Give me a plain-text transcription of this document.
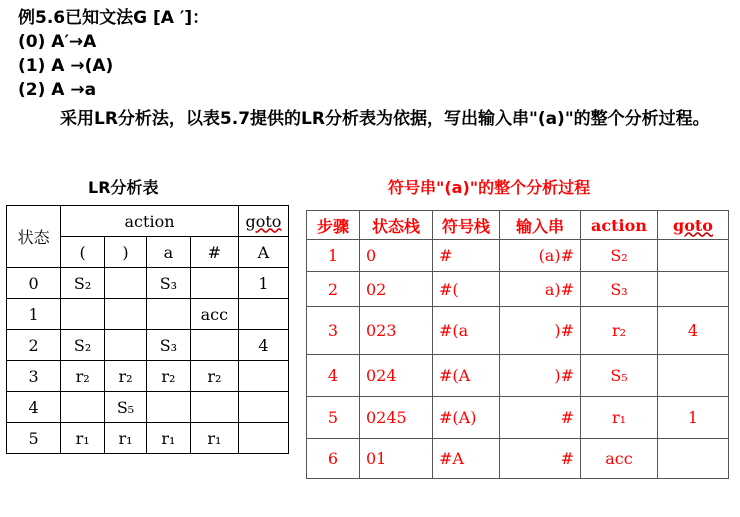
例5.6已知文法G [A ′]：
(0) A′→A
(1) A →(A)
(2) A →a
采用LR分析法，以表5.7提供的LR分析表为依据，写出输入串"(a)"的整个分析过程。
LR分析表	符号串"(a)"的整个分析过程
状态	action				goto
	(	)	a	#	A
0	S₂		S₃		1
1				acc	
2	S₂		S₃		4
3	r₂	r₂	r₂	r₂	
4		S₅			
5	r₁	r₁	r₁	r₁	
步骤	状态栈	符号栈	输入串	action	goto
1	0	#	(a)#	S₂	
2	02	#(	a)#	S₃	
3	023	#(a	)#	r₂	4
4	024	#(A	)#	S₅	
5	0245	#(A)	#	r₁	1
6	01	#A	#	acc	
